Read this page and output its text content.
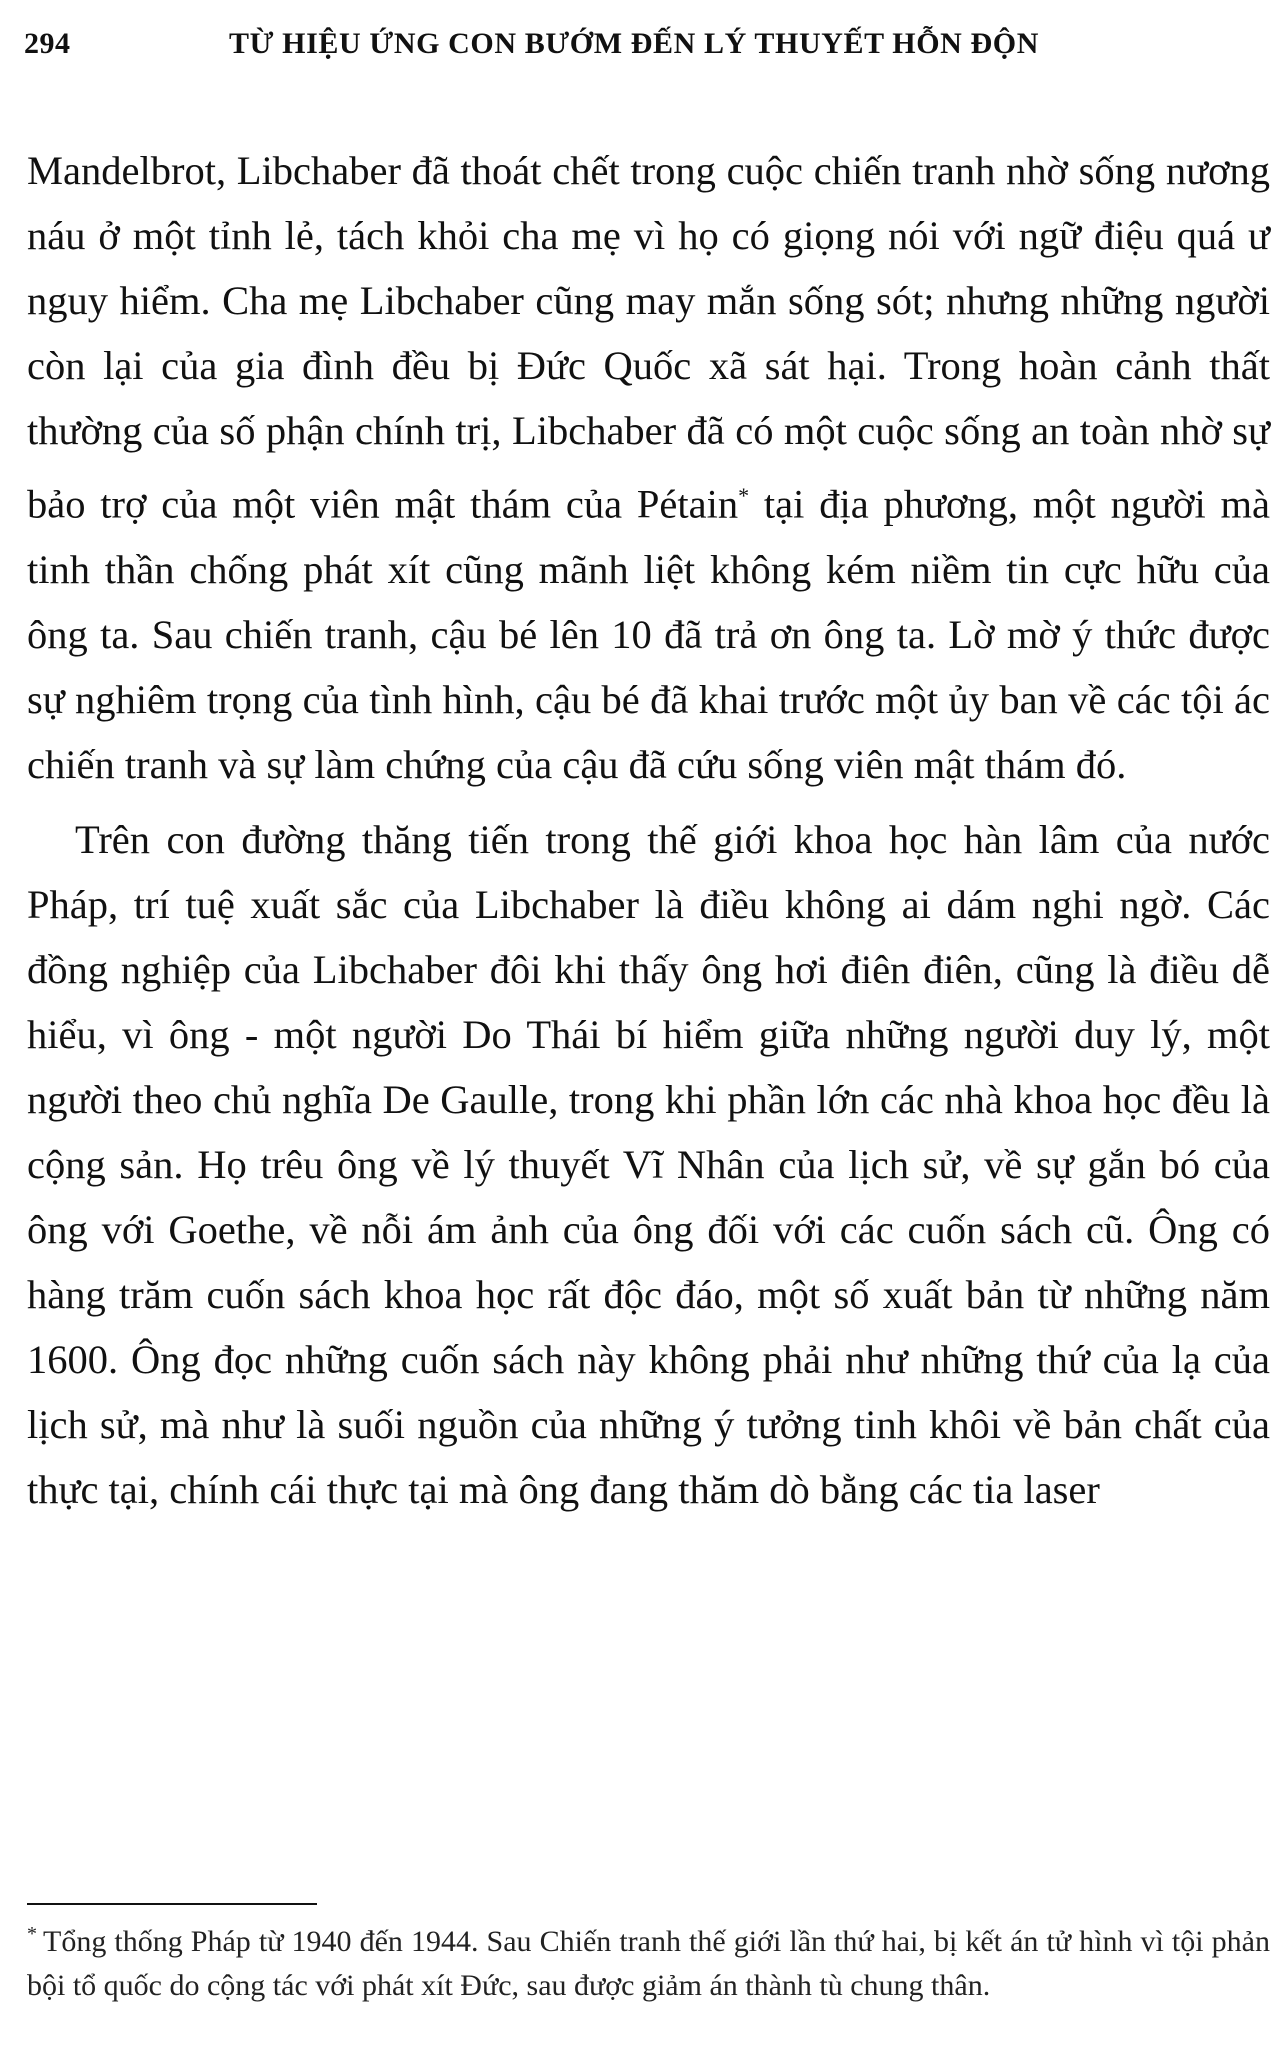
294	TỪ HIỆU ỨNG CON BƯỚM ĐẾN LÝ THUYẾT HỖN ĐỘN

Mandelbrot, Libchaber đã thoát chết trong cuộc chiến tranh nhờ sống nương náu ở một tỉnh lẻ, tách khỏi cha mẹ vì họ có giọng nói với ngữ điệu quá ư nguy hiểm. Cha mẹ Libchaber cũng may mắn sống sót; nhưng những người còn lại của gia đình đều bị Đức Quốc xã sát hại. Trong hoàn cảnh thất thường của số phận chính trị, Libchaber đã có một cuộc sống an toàn nhờ sự bảo trợ của một viên mật thám của Pétain* tại địa phương, một người mà tinh thần chống phát xít cũng mãnh liệt không kém niềm tin cực hữu của ông ta. Sau chiến tranh, cậu bé lên 10 đã trả ơn ông ta. Lờ mờ ý thức được sự nghiêm trọng của tình hình, cậu bé đã khai trước một ủy ban về các tội ác chiến tranh và sự làm chứng của cậu đã cứu sống viên mật thám đó.

Trên con đường thăng tiến trong thế giới khoa học hàn lâm của nước Pháp, trí tuệ xuất sắc của Libchaber là điều không ai dám nghi ngờ. Các đồng nghiệp của Libchaber đôi khi thấy ông hơi điên điên, cũng là điều dễ hiểu, vì ông - một người Do Thái bí hiểm giữa những người duy lý, một người theo chủ nghĩa De Gaulle, trong khi phần lớn các nhà khoa học đều là cộng sản. Họ trêu ông về lý thuyết Vĩ Nhân của lịch sử, về sự gắn bó của ông với Goethe, về nỗi ám ảnh của ông đối với các cuốn sách cũ. Ông có hàng trăm cuốn sách khoa học rất độc đáo, một số xuất bản từ những năm 1600. Ông đọc những cuốn sách này không phải như những thứ của lạ của lịch sử, mà như là suối nguồn của những ý tưởng tinh khôi về bản chất của thực tại, chính cái thực tại mà ông đang thăm dò bằng các tia laser

* Tổng thống Pháp từ 1940 đến 1944. Sau Chiến tranh thế giới lần thứ hai, bị kết án tử hình vì tội phản bội tổ quốc do cộng tác với phát xít Đức, sau được giảm án thành tù chung thân.
